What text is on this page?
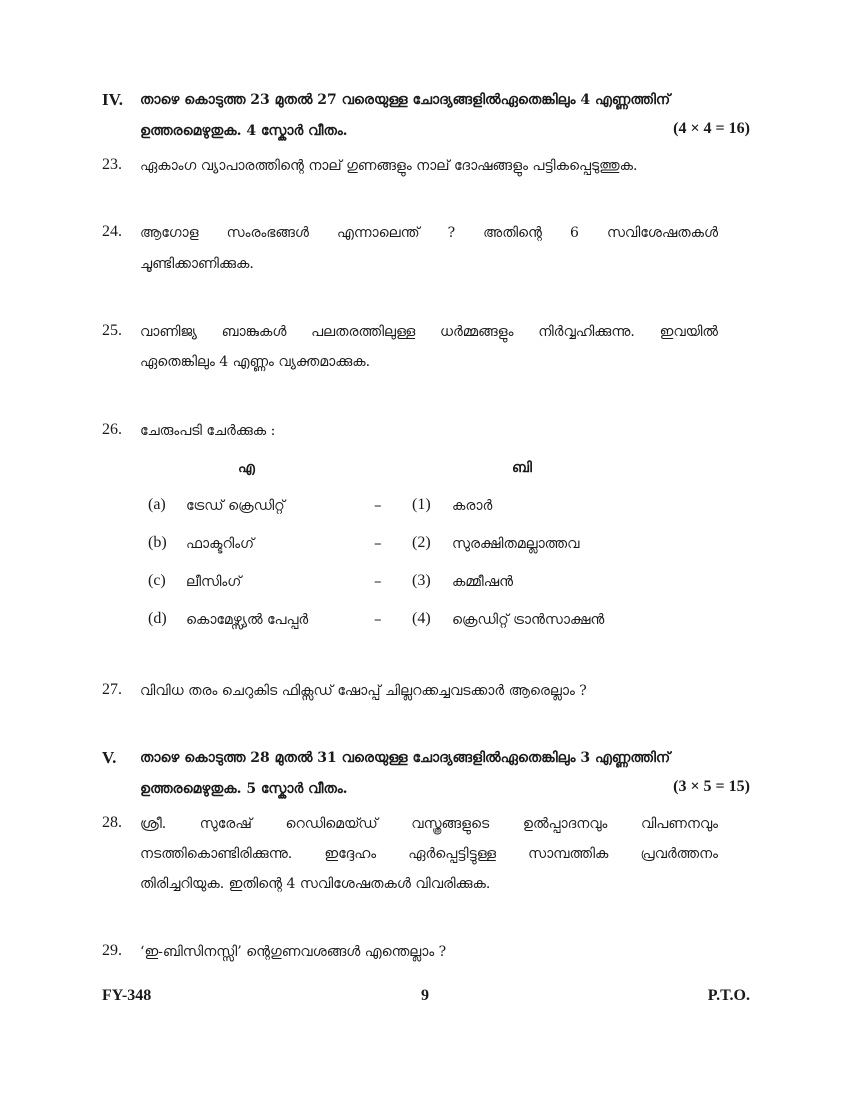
IV. താഴെ കൊടുത്ത 23 മുതൽ 27 വരെയുള്ള ചോദ്യങ്ങളിൽഏതെങ്കിലും 4 എണ്ണത്തിന്
ഉത്തരമെഴുതുക. 4 സ്കോർ വീതം.	(4 × 4 = 16)
23. ഏകാംഗ വ്യാപാരത്തിന്റെ നാല് ഗുണങ്ങളും നാല് ദോഷങ്ങളും പട്ടികപ്പെടുത്തുക.
24. ആഗോള സംരംഭങ്ങൾ എന്നാലെന്ത് ? അതിന്റെ 6 സവിശേഷതകൾ
ചൂണ്ടിക്കാണിക്കുക.
25. വാണിജ്യ ബാങ്കുകൾ പലതരത്തിലുള്ള ധർമ്മങ്ങളും നിർവ്വഹിക്കുന്നു. ഇവയിൽ
ഏതെങ്കിലും 4 എണ്ണം വ്യക്തമാക്കുക.
26. ചേരുംപടി ചേർക്കുക :
എ	ബി
(a) ട്രേഡ് ക്രെഡിറ്റ്	– (1) കരാർ
(b) ഫാക്ടറിംഗ്	– (2) സുരക്ഷിതമല്ലാത്തവ
(c) ലീസിംഗ്	– (3) കമ്മീഷൻ
(d) കൊമേഴ്സ്യൽ പേപ്പർ	– (4) ക്രെഡിറ്റ് ട്രാൻസാക്ഷൻ
27. വിവിധ തരം ചെറുകിട ഫിക്സഡ് ഷോപ്പ് ചില്ലറക്കച്ചവടക്കാർ ആരെല്ലാം ?
V. താഴെ കൊടുത്ത 28 മുതൽ 31 വരെയുള്ള ചോദ്യങ്ങളിൽഏതെങ്കിലും 3 എണ്ണത്തിന്
ഉത്തരമെഴുതുക. 5 സ്കോർ വീതം.	(3 × 5 = 15)
28. ശ്രീ. സുരേഷ് റെഡിമെയ്ഡ് വസ്ത്രങ്ങളുടെ ഉൽപ്പാദനവും വിപണനവും
നടത്തികൊണ്ടിരിക്കുന്നു. ഇദ്ദേഹം ഏർപ്പെട്ടിട്ടുള്ള സാമ്പത്തിക പ്രവർത്തനം
തിരിച്ചറിയുക. ഇതിന്റെ 4 സവിശേഷതകൾ വിവരിക്കുക.
29. ‘ഇ-ബിസിനസ്സി’ ന്റെഗുണവശങ്ങൾ എന്തെല്ലാം ?
FY-348	9	P.T.O.
